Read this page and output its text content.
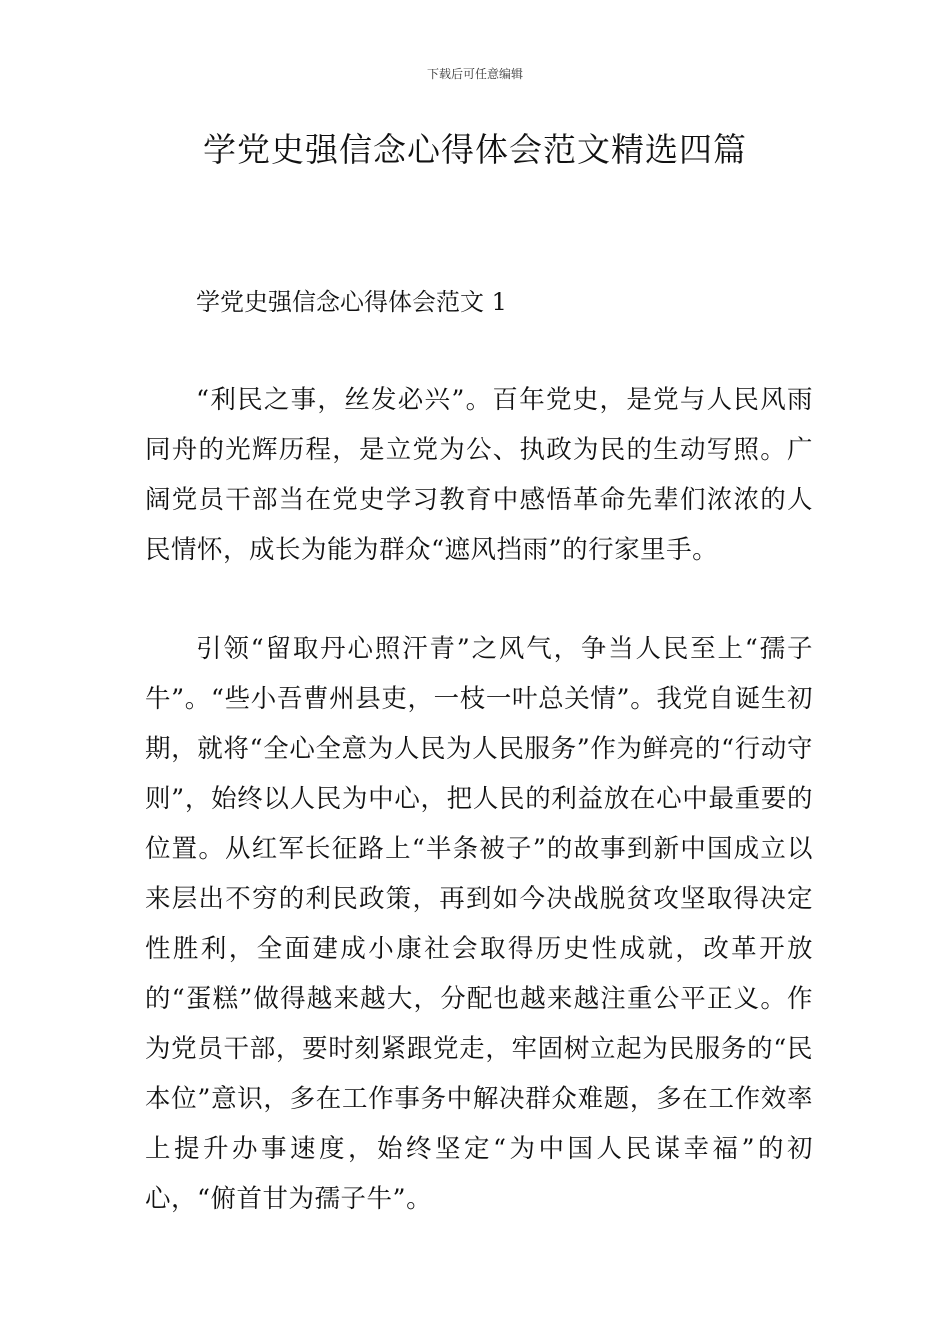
下载后可任意编辑
学党史强信念心得体会范文精选四篇
学党史强信念心得体会范文 1

“利民之事，丝发必兴”。百年党史，是党与人民风雨同舟的光辉历程，是立党为公、执政为民的生动写照。广阔党员干部当在党史学习教育中感悟革命先辈们浓浓的人民情怀，成长为能为群众“遮风挡雨”的行家里手。

引领“留取丹心照汗青”之风气，争当人民至上“孺子牛”。“些小吾曹州县吏，一枝一叶总关情”。我党自诞生初期，就将“全心全意为人民为人民服务”作为鲜亮的“行动守则”，始终以人民为中心，把人民的利益放在心中最重要的位置。从红军长征路上“半条被子”的故事到新中国成立以来层出不穷的利民政策，再到如今决战脱贫攻坚取得决定性胜利，全面建成小康社会取得历史性成就，改革开放的“蛋糕”做得越来越大，分配也越来越注重公平正义。作为党员干部，要时刻紧跟党走，牢固树立起为民服务的“民本位”意识，多在工作事务中解决群众难题，多在工作效率上提升办事速度，始终坚定“为中国人民谋幸福”的初心，“俯首甘为孺子牛”。
